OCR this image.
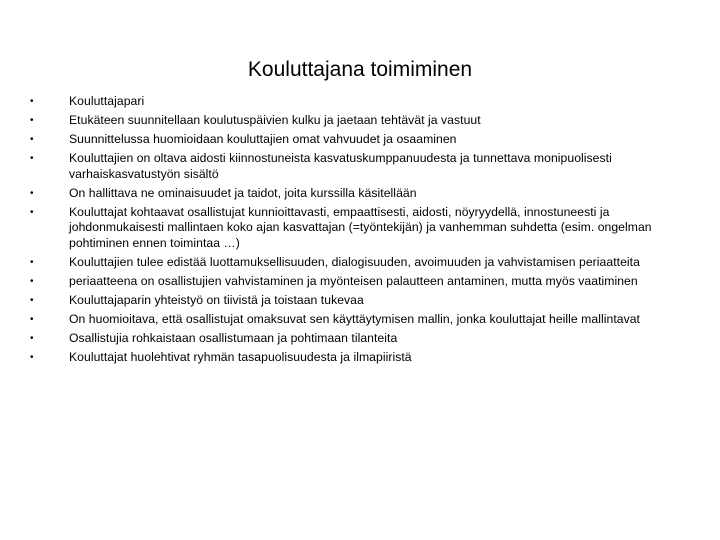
Kouluttajana toimiminen
•	Kouluttajapari
•	Etukäteen suunnitellaan koulutuspäivien kulku ja jaetaan tehtävät ja vastuut
•	Suunnittelussa huomioidaan kouluttajien omat vahvuudet ja osaaminen
•	Kouluttajien on oltava aidosti kiinnostuneista kasvatuskumppanuudesta ja tunnettava monipuolisesti varhaiskasvatustyön sisältö
•	On hallittava ne ominaisuudet ja taidot, joita kurssilla käsitellään
•	Kouluttajat kohtaavat osallistujat kunnioittavasti, empaattisesti, aidosti, nöyryydellä, innostuneesti ja johdonmukaisesti mallintaen koko ajan kasvattajan (=työntekijän) ja vanhemman suhdetta (esim. ongelman pohtiminen ennen toimintaa …)
•	Kouluttajien tulee edistää luottamuksellisuuden, dialogisuuden, avoimuuden ja vahvistamisen periaatteita
•	periaatteena on osallistujien vahvistaminen ja myönteisen palautteen antaminen, mutta myös vaatiminen
•	Kouluttajaparin yhteistyö on tiivistä ja toistaan tukevaa
•	On huomioitava, että osallistujat omaksuvat sen käyttäytymisen mallin, jonka kouluttajat heille mallintavat
•	Osallistujia rohkaistaan osallistumaan ja pohtimaan tilanteita
•	Kouluttajat huolehtivat ryhmän tasapuolisuudesta ja ilmapiiristä
